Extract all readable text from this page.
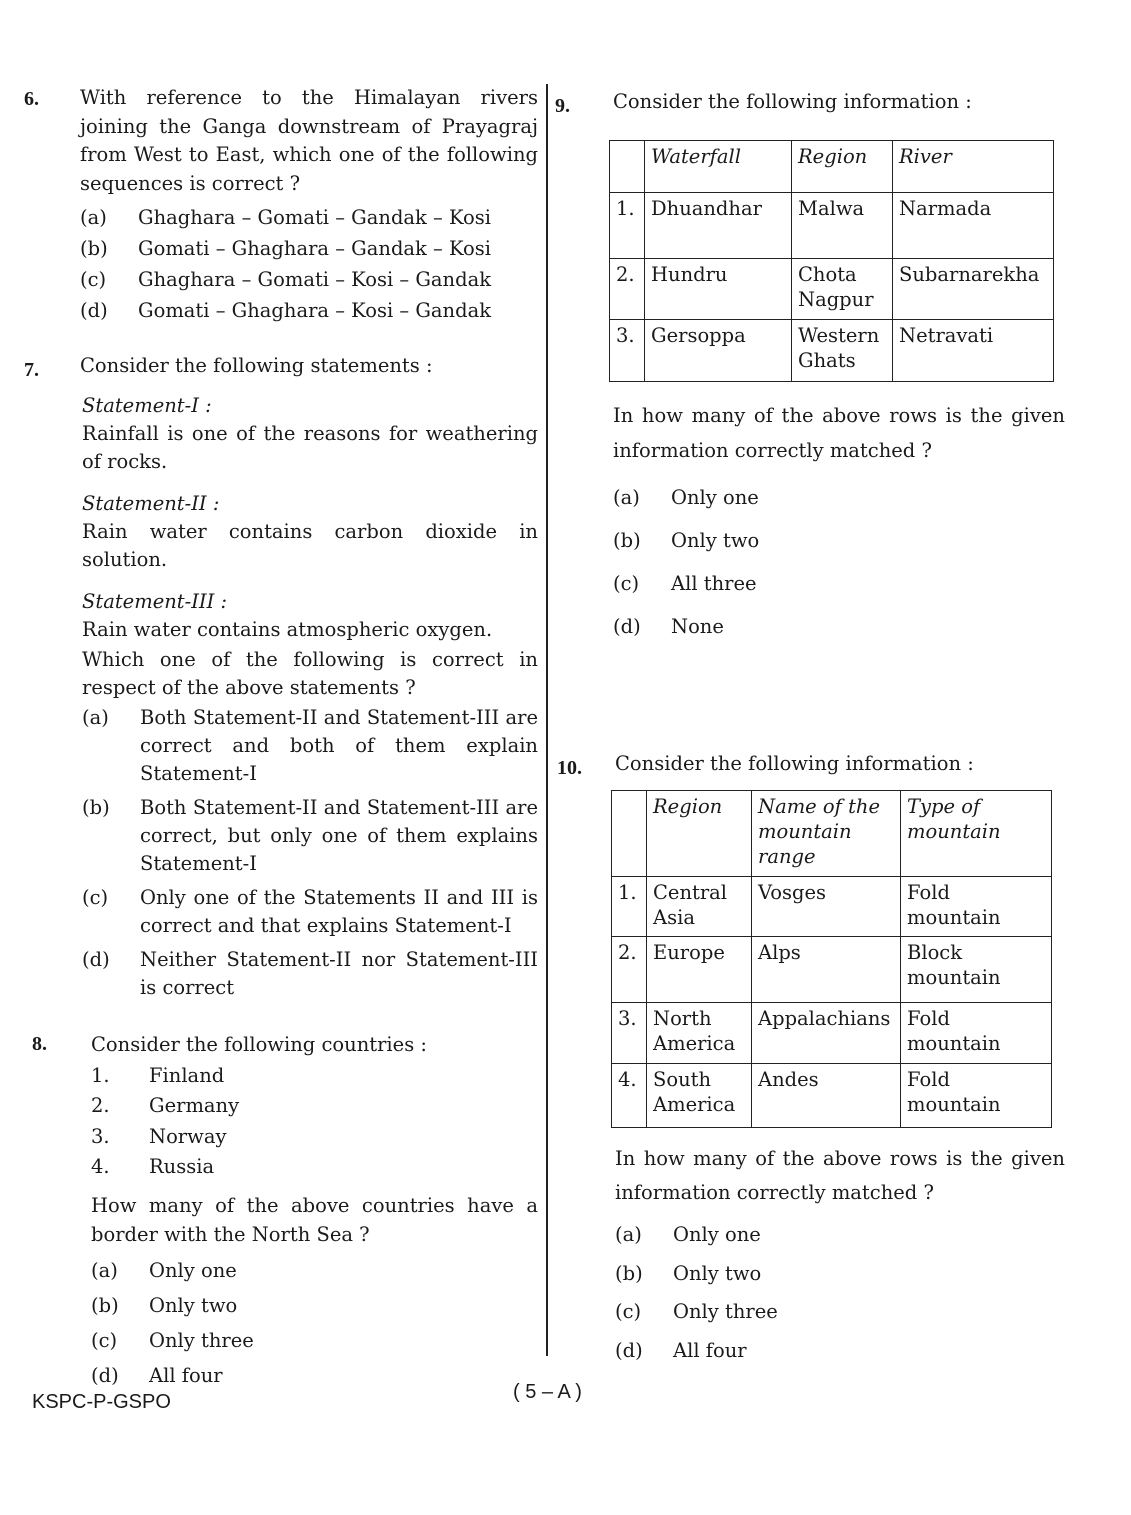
6. With reference to the Himalayan rivers joining the Ganga downstream of Prayagraj from West to East, which one of the following sequences is correct ?
(a)	Ghaghara – Gomati – Gandak – Kosi
(b)	Gomati – Ghaghara – Gandak – Kosi
(c)	Ghaghara – Gomati – Kosi – Gandak
(d)	Gomati – Ghaghara – Kosi – Gandak
7. Consider the following statements :
Statement-I :
Rainfall is one of the reasons for weathering of rocks.
Statement-II :
Rain water contains carbon dioxide in solution.
Statement-III :
Rain water contains atmospheric oxygen.
Which one of the following is correct in respect of the above statements ?
(a)	Both Statement-II and Statement-III are correct and both of them explain Statement-I
(b)	Both Statement-II and Statement-III are correct, but only one of them explains Statement-I
(c)	Only one of the Statements II and III is correct and that explains Statement-I
(d)	Neither Statement-II nor Statement-III is correct
8. Consider the following countries :
1.	Finland
2.	Germany
3.	Norway
4.	Russia
How many of the above countries have a border with the North Sea ?
(a)	Only one
(b)	Only two
(c)	Only three
(d)	All four
9. Consider the following information :
	Waterfall	Region	River
1.	Dhuandhar	Malwa	Narmada
2.	Hundru	Chota Nagpur	Subarnarekha
3.	Gersoppa	Western Ghats	Netravati
In how many of the above rows is the given information correctly matched ?
(a)	Only one
(b)	Only two
(c)	All three
(d)	None
10. Consider the following information :
	Region	Name of the mountain range	Type of mountain
1.	Central Asia	Vosges	Fold mountain
2.	Europe	Alps	Block mountain
3.	North America	Appalachians	Fold mountain
4.	South America	Andes	Fold mountain
In how many of the above rows is the given information correctly matched ?
(a)	Only one
(b)	Only two
(c)	Only three
(d)	All four
KSPC-P-GSPO	( 5 – A )
